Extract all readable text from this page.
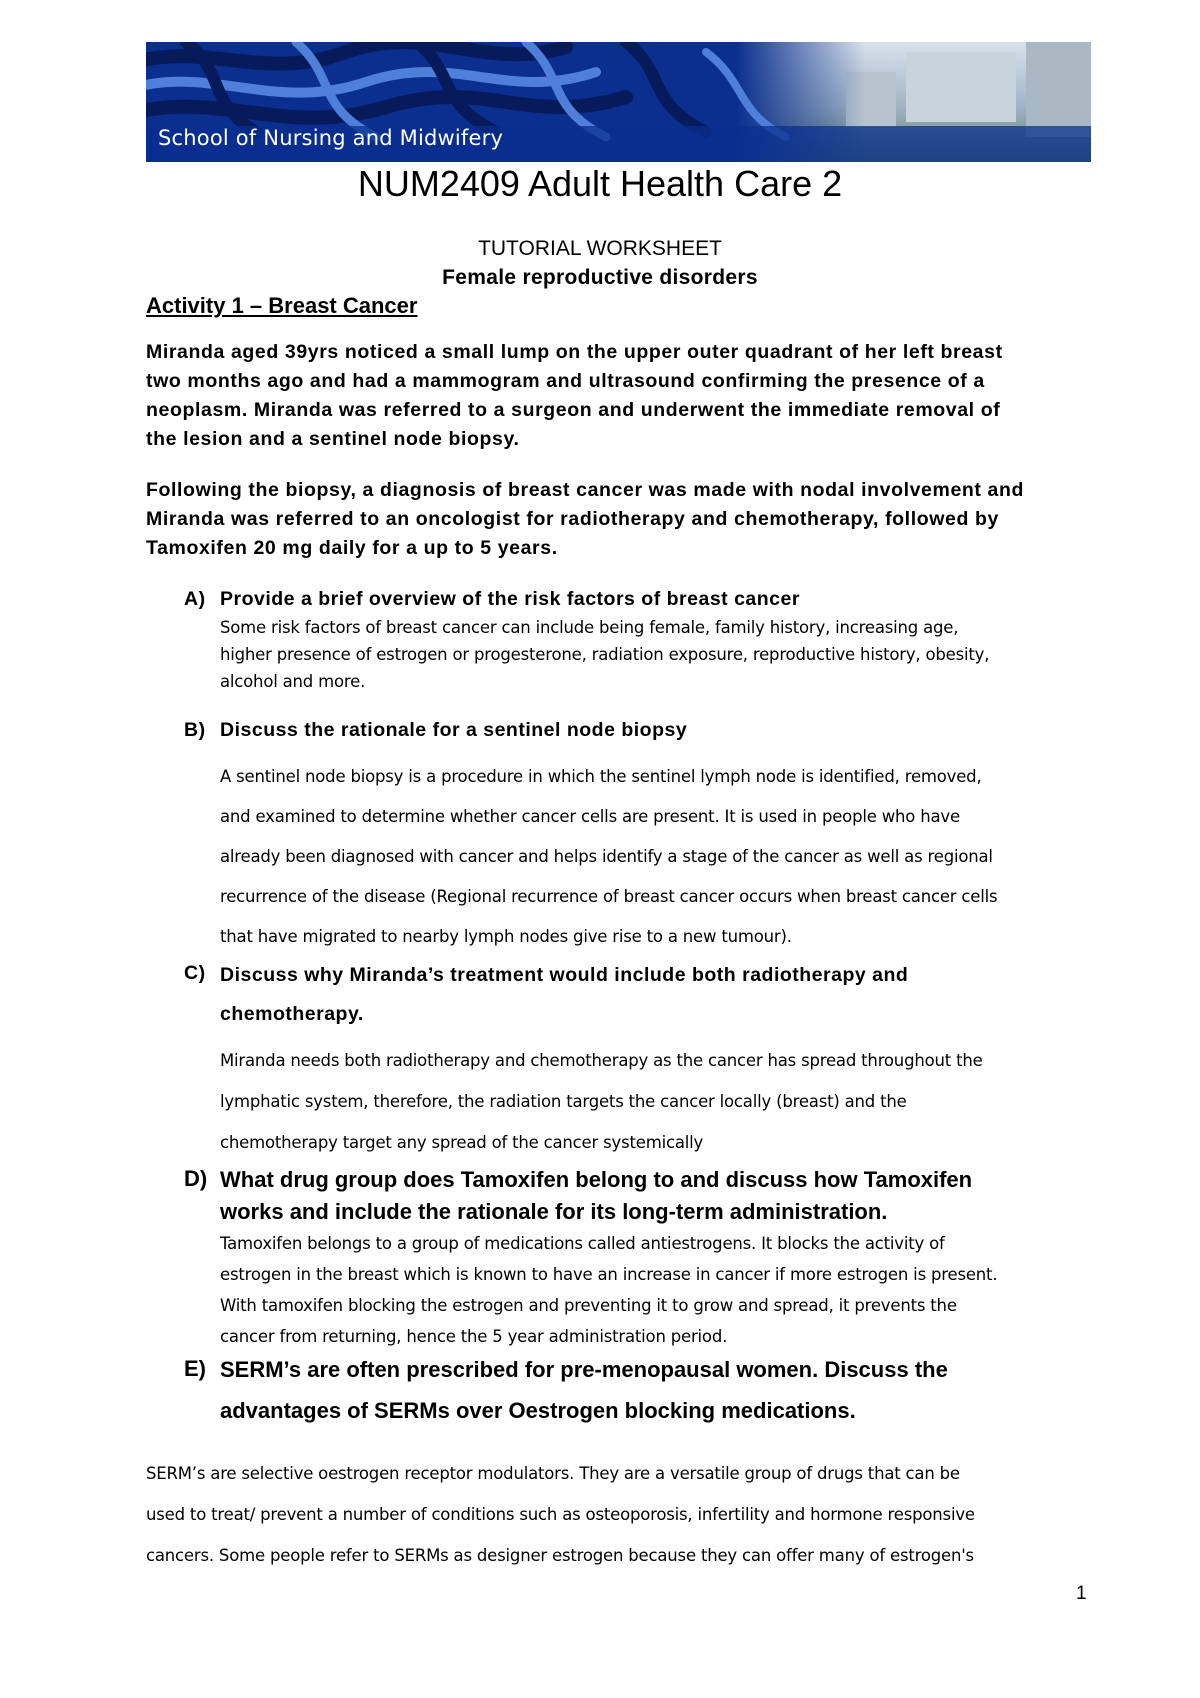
School of Nursing and Midwifery
NUM2409 Adult Health Care 2
TUTORIAL WORKSHEET
Female reproductive disorders
Activity 1 – Breast Cancer
Miranda aged 39yrs noticed a small lump on the upper outer quadrant of her left breast
two months ago and had a mammogram and ultrasound confirming the presence of a
neoplasm. Miranda was referred to a surgeon and underwent the immediate removal of
the lesion and a sentinel node biopsy.
Following the biopsy, a diagnosis of breast cancer was made with nodal involvement and
Miranda was referred to an oncologist for radiotherapy and chemotherapy, followed by
Tamoxifen 20 mg daily for a up to 5 years.
A) Provide a brief overview of the risk factors of breast cancer
Some risk factors of breast cancer can include being female, family history, increasing age,
higher presence of estrogen or progesterone, radiation exposure, reproductive history, obesity,
alcohol and more.
B) Discuss the rationale for a sentinel node biopsy
A sentinel node biopsy is a procedure in which the sentinel lymph node is identified, removed,
and examined to determine whether cancer cells are present. It is used in people who have
already been diagnosed with cancer and helps identify a stage of the cancer as well as regional
recurrence of the disease (Regional recurrence of breast cancer occurs when breast cancer cells
that have migrated to nearby lymph nodes give rise to a new tumour).
C) Discuss why Miranda’s treatment would include both radiotherapy and
chemotherapy.
Miranda needs both radiotherapy and chemotherapy as the cancer has spread throughout the
lymphatic system, therefore, the radiation targets the cancer locally (breast) and the
chemotherapy target any spread of the cancer systemically
D) What drug group does Tamoxifen belong to and discuss how Tamoxifen
works and include the rationale for its long-term administration.
Tamoxifen belongs to a group of medications called antiestrogens. It blocks the activity of
estrogen in the breast which is known to have an increase in cancer if more estrogen is present.
With tamoxifen blocking the estrogen and preventing it to grow and spread, it prevents the
cancer from returning, hence the 5 year administration period.
E) SERM’s are often prescribed for pre-menopausal women. Discuss the
advantages of SERMs over Oestrogen blocking medications.
SERM’s are selective oestrogen receptor modulators. They are a versatile group of drugs that can be
used to treat/ prevent a number of conditions such as osteoporosis, infertility and hormone responsive
cancers. Some people refer to SERMs as designer estrogen because they can offer many of estrogen's
1
